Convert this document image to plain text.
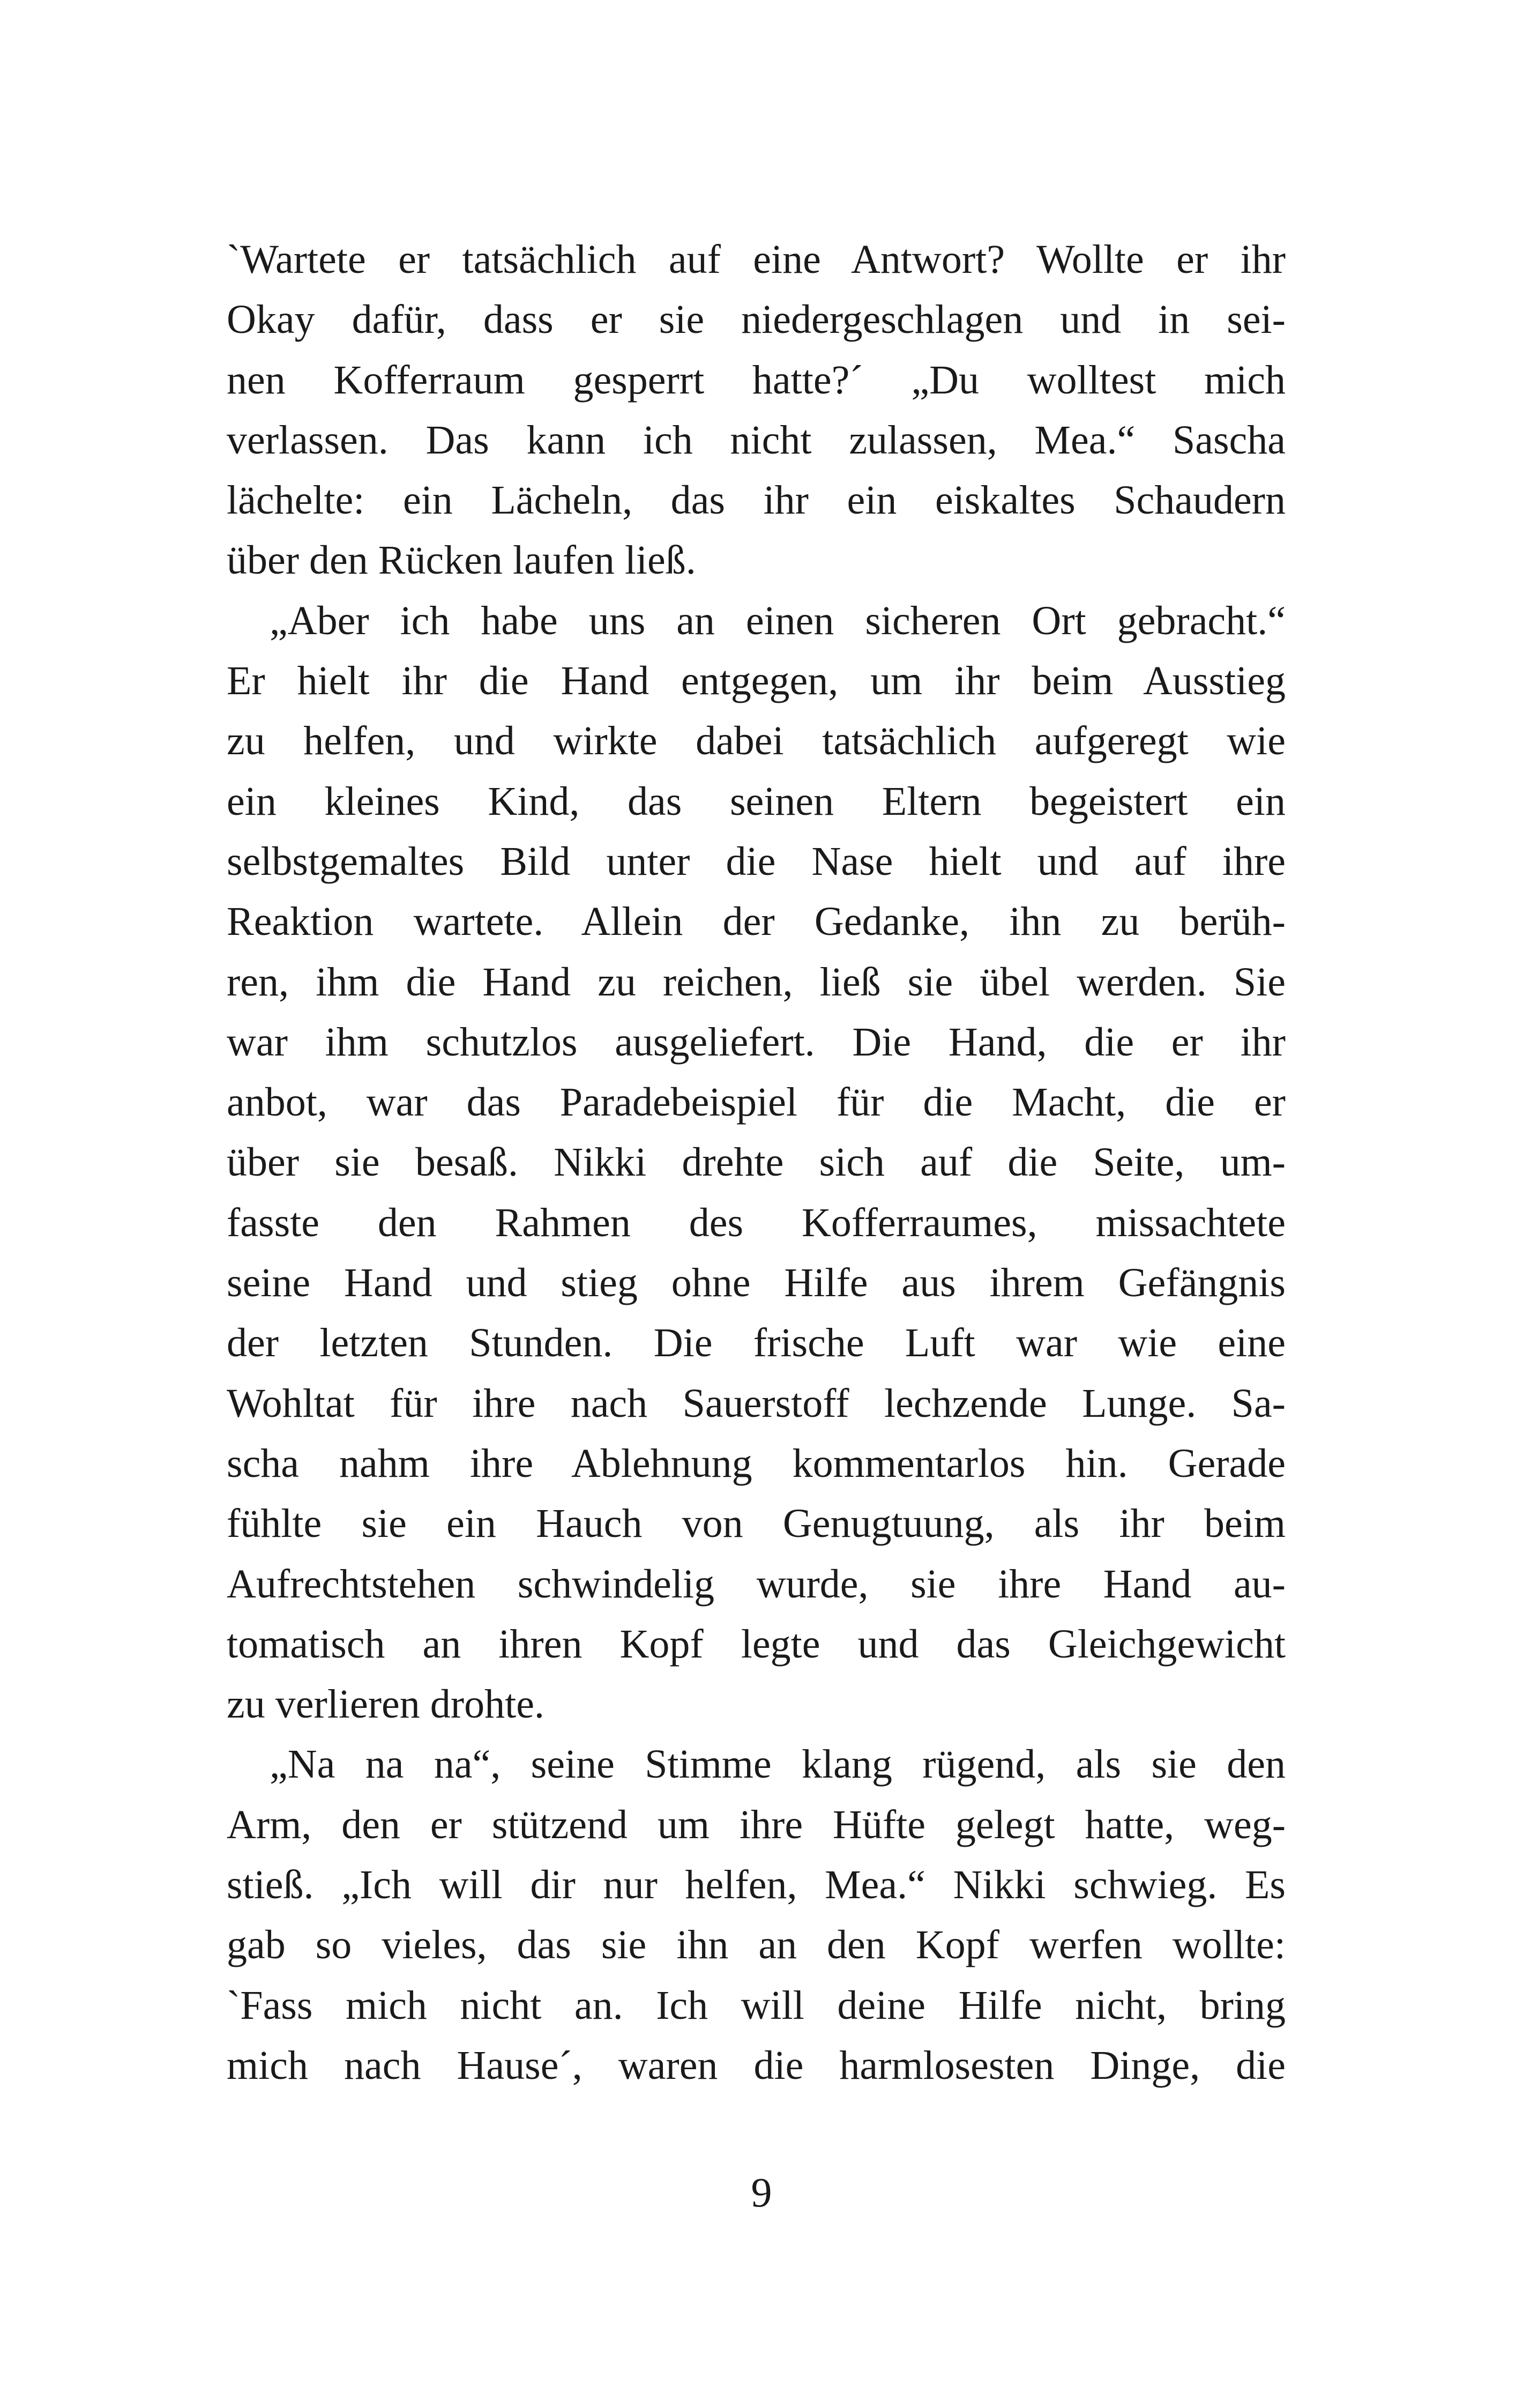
`Wartete er tatsächlich auf eine Antwort? Wollte er ihr
Okay dafür, dass er sie niedergeschlagen und in sei-
nen Kofferraum gesperrt hatte?´ „Du wolltest mich
verlassen. Das kann ich nicht zulassen, Mea.“ Sascha
lächelte: ein Lächeln, das ihr ein eiskaltes Schaudern
über den Rücken laufen ließ.
„Aber ich habe uns an einen sicheren Ort gebracht.“
Er hielt ihr die Hand entgegen, um ihr beim Ausstieg
zu helfen, und wirkte dabei tatsächlich aufgeregt wie
ein kleines Kind, das seinen Eltern begeistert ein
selbstgemaltes Bild unter die Nase hielt und auf ihre
Reaktion wartete. Allein der Gedanke, ihn zu berüh-
ren, ihm die Hand zu reichen, ließ sie übel werden. Sie
war ihm schutzlos ausgeliefert. Die Hand, die er ihr
anbot, war das Paradebeispiel für die Macht, die er
über sie besaß. Nikki drehte sich auf die Seite, um-
fasste den Rahmen des Kofferraumes, missachtete
seine Hand und stieg ohne Hilfe aus ihrem Gefängnis
der letzten Stunden. Die frische Luft war wie eine
Wohltat für ihre nach Sauerstoff lechzende Lunge. Sa-
scha nahm ihre Ablehnung kommentarlos hin. Gerade
fühlte sie ein Hauch von Genugtuung, als ihr beim
Aufrechtstehen schwindelig wurde, sie ihre Hand au-
tomatisch an ihren Kopf legte und das Gleichgewicht
zu verlieren drohte.
„Na na na“, seine Stimme klang rügend, als sie den
Arm, den er stützend um ihre Hüfte gelegt hatte, weg-
stieß. „Ich will dir nur helfen, Mea.“ Nikki schwieg. Es
gab so vieles, das sie ihn an den Kopf werfen wollte:
`Fass mich nicht an. Ich will deine Hilfe nicht, bring
mich nach Hause´, waren die harmlosesten Dinge, die
9
